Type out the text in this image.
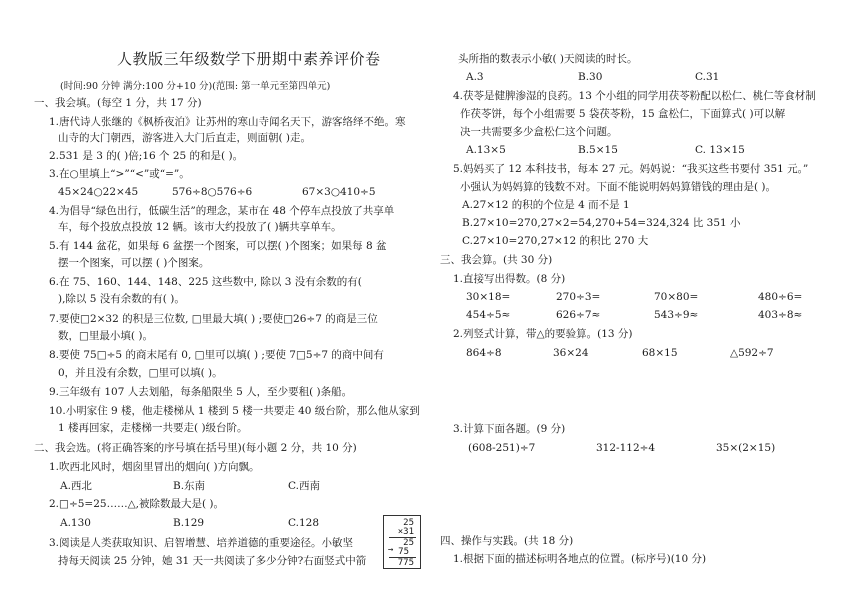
人教版三年级数学下册期中素养评价卷
(时间:90 分钟 满分:100 分+10 分)(范围: 第一单元至第四单元)
一、我会填。(每空 1 分，共 17 分)
1.唐代诗人张继的《枫桥夜泊》让苏州的寒山寺闻名天下，游客络绎不绝。寒
山寺的大门朝西，游客进入大门后直走，则面朝( )走。
2.531 是 3 的( )倍;16 个 25 的和是( )。
3.在○里填上“>”“<”或“=”。
45×24○22×45	576÷8○576÷6	67×3○410÷5
4.为倡导“绿色出行，低碳生活”的理念，某市在 48 个停车点投放了共享单
车，每个投放点投放 12 辆。该市大约投放了( )辆共享单车。
5.有 144 盆花，如果每 6 盆摆一个图案，可以摆( )个图案；如果每 8 盆
摆一个图案，可以摆 ( )个图案。
6.在 75、160、144、148、225 这些数中, 除以 3 没有余数的有(
),除以 5 没有余数的有( )。
7.要使□2×32 的积是三位数, □里最大填( ) ;要使□26÷7 的商是三位
数，□里最小填( )。
8.要使 75□÷5 的商末尾有 0, □里可以填( ) ;要使 7□5÷7 的商中间有
0，并且没有余数，□里可以填( )。
9.三年级有 107 人去划船，每条船限坐 5 人，至少要租( )条船。
10.小明家住 9 楼，他走楼梯从 1 楼到 5 楼一共要走 40 级台阶，那么他从家到
1 楼再回家，走楼梯一共要走( )级台阶。
二、我会选。(将正确答案的序号填在括号里)(每小题 2 分，共 10 分)
1.吹西北风时，烟囱里冒出的烟向( )方向飘。
A.西北	B.东南	C.西南
2.□÷5=25……△,被除数最大是( )。
A.130	B.129	C.128
3.阅读是人类获取知识、启智增慧、培养道德的重要途径。小敏坚
持每天阅读 25 分钟，她 31 天一共阅读了多少分钟?右面竖式中箭
25
×31
25
→ 75
775
头所指的数表示小敏( )天阅读的时长。
A.3	B.30	C.31
4.茯苓是健脾渗湿的良药。13 个小组的同学用茯苓粉配以松仁、桃仁等食材制
作茯苓饼，每个小组需要 5 袋茯苓粉，15 盒松仁，下面算式( )可以解
决一共需要多少盒松仁这个问题。
A.13×5	B.5×15	C. 13×15
5.妈妈买了 12 本科技书，每本 27 元。妈妈说：“我买这些书要付 351 元。”
小强认为妈妈算的钱数不对。下面不能说明妈妈算错钱的理由是( )。
A.27×12 的积的个位是 4 而不是 1
B.27×10=270,27×2=54,270+54=324,324 比 351 小
C.27×10=270,27×12 的积比 270 大
三、我会算。(共 30 分)
1.直接写出得数。(8 分)
30×18=	270÷3=	70×80=	480÷6=
454÷5≈	626÷7≈	543÷9≈	403÷8≈
2.列竖式计算，带△的要验算。(13 分)
864÷8	36×24	68×15	△592÷7
3.计算下面各题。(9 分)
(608-251)÷7	312-112÷4	35×(2×15)
四、操作与实践。(共 18 分)
1.根据下面的描述标明各地点的位置。(标序号)(10 分)
